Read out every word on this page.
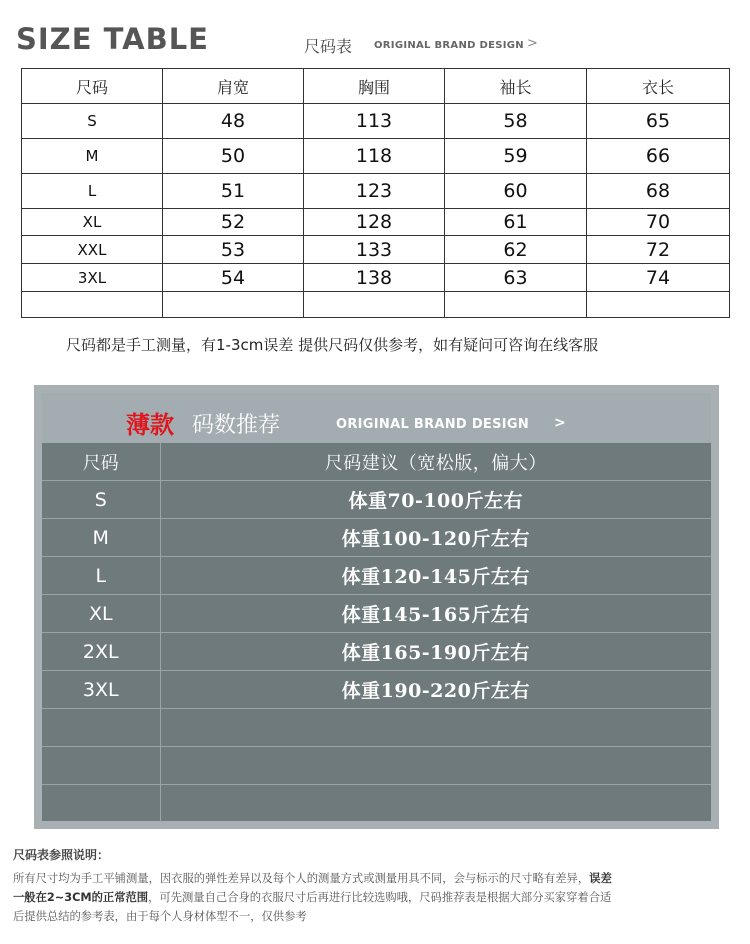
SIZE TABLE	尺码表 ORIGINAL BRAND DESIGN >
尺码	肩宽	胸围	袖长	衣长
S	48	113	58	65
M	50	118	59	66
L	51	123	60	68
XL	52	128	61	70
XXL	53	133	62	72
3XL	54	138	63	74

尺码都是手工测量，有1-3cm误差 提供尺码仅供参考，如有疑问可咨询在线客服
薄款 码数推荐	ORIGINAL BRAND DESIGN >
尺码	尺码建议（宽松版，偏大）
S	体重70-100斤左右
M	体重100-120斤左右
L	体重120-145斤左右
XL	体重145-165斤左右
2XL	体重165-190斤左右
3XL	体重190-220斤左右

尺码表参照说明：
所有尺寸均为手工平铺测量，因衣服的弹性差异以及每个人的测量方式或测量用具不同，会与标示的尺寸略有差异，误差
一般在2~3CM的正常范围，可先测量自己合身的衣服尺寸后再进行比较选购哦，尺码推荐表是根据大部分买家穿着合适
后提供总结的参考表，由于每个人身材体型不一，仅供参考
